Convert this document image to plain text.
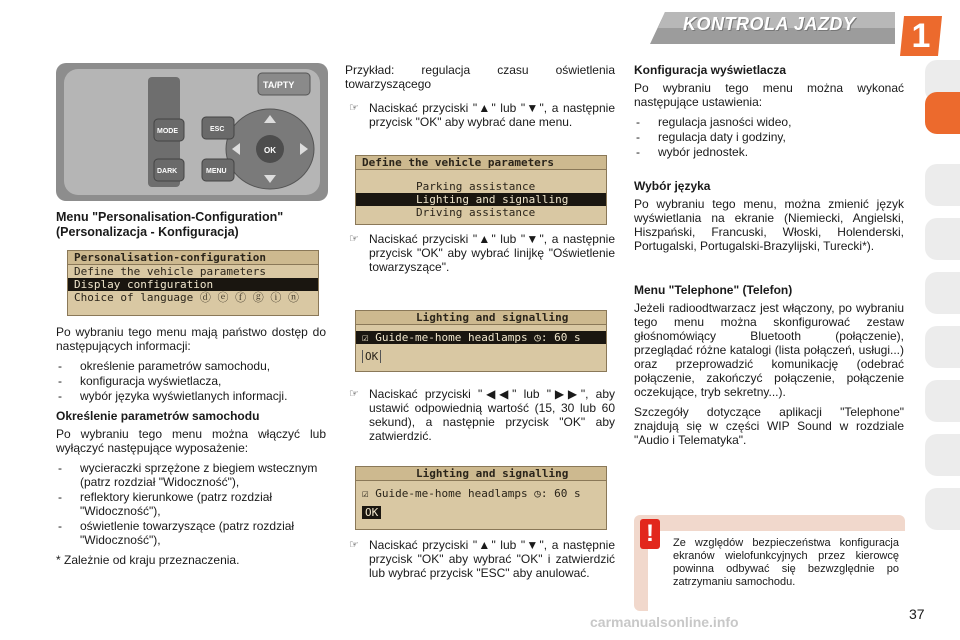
KONTROLA JAZDY	1
TA/PTY
MODE	ESC
OK
DARK	MENU
Menu "Personalisation-Configuration" (Personalizacja - Konfiguracja)
Personalisation-configuration
Define the vehicle parameters
Display configuration
Choice of language ⓓ ⓔ ⓕ ⓖ ⓘ ⓝ

Po wybraniu tego menu mają państwo dostęp do następujących informacji:

- określenie parametrów samochodu,
- konfiguracja wyświetlacza,
- wybór języka wyświetlanych informacji.
Określenie parametrów samochodu

Po wybraniu tego menu można włączyć lub wyłączyć następujące wyposażenie:

- wycieraczki sprzężone z biegiem wstecznym (patrz rozdział "Widoczność"),
- reflektory kierunkowe (patrz rozdział "Widoczność"),
- oświetlenie towarzyszące (patrz rozdział "Widoczność"),

* Zależnie od kraju przeznaczenia.

Przykład: regulacja czasu oświetlenia towarzyszącego

☞ Naciskać przyciski "▲" lub "▼", a następnie przycisk "OK" aby wybrać dane menu.
Define the vehicle parameters
Parking assistance
Lighting and signalling
Driving assistance
☞ Naciskać przyciski "▲" lub "▼", a następnie przycisk "OK" aby wybrać linijkę "Oświetlenie towarzyszące".
Lighting and signalling
☑ Guide-me-home headlamps ◷: 60 s
OK
☞ Naciskać przyciski "◀◀" lub "▶▶", aby ustawić odpowiednią wartość (15, 30 lub 60 sekund), a następnie przycisk "OK" aby zatwierdzić.
Lighting and signalling
☑ Guide-me-home headlamps ◷: 60 s
OK
☞ Naciskać przyciski "▲" lub "▼", a następnie przycisk "OK" aby wybrać "OK" i zatwierdzić lub wybrać przycisk "ESC" aby anulować.
Konfiguracja wyświetlacza

Po wybraniu tego menu można wykonać następujące ustawienia:

- regulacja jasności wideo,
- regulacja daty i godziny,
- wybór jednostek.
Wybór języka

Po wybraniu tego menu, można zmienić język wyświetlania na ekranie (Niemiecki, Angielski, Hiszpański, Francuski, Włoski, Holenderski, Portugalski, Portugalski-Brazylijski, Turecki*).

Menu "Telephone" (Telefon)

Jeżeli radioodtwarzacz jest włączony, po wybraniu tego menu można skonfigurować zestaw głośnomówiący Bluetooth (połączenie), przeglądać różne katalogi (lista połączeń, usługi...) oraz przeprowadzić komunikację (odebrać połączenie, zakończyć połączenie, połączenie oczekujące, tryb sekretny...).

Szczegóły dotyczące aplikacji "Telephone" znajdują się w części WIP Sound w rozdziale "Audio i Telematyka".

!	Ze względów bezpieczeństwa konfiguracja ekranów wielofunkcyjnych przez kierowcę powinna odbywać się bezwzględnie po zatrzymaniu samochodu.
carmanualsonline.info	37
